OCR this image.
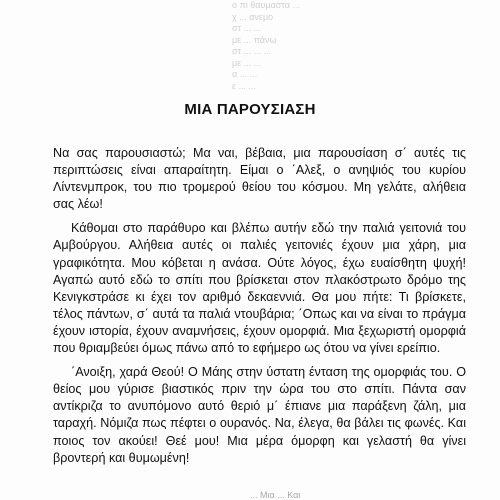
ο πι θαυμαστα ...
χ ... ανεμο
στ ... ...
με ... πάνω
στ ... ... ...
με ... ...
α ... ...
ε ... ...
ΜΙΑ ΠΑΡΟΥΣΙΑΣΗ

Να σας παρουσιαστώ; Μα ναι, βέβαια, μια παρουσίαση σ΄ αυτές τις περιπτώσεις είναι απαραίτητη. Είμαι ο ΄Αλεξ, ο ανηψιός του κυρίου Λίντενμπροκ, του πιο τρομερού θείου του κόσμου. Μη γελάτε, αλήθεια σας λέω!

Κάθομαι στο παράθυρο και βλέπω αυτήν εδώ την παλιά γειτονιά του Αμβούργου. Αλήθεια αυτές οι παλιές γειτονιές έχουν μια χάρη, μια γραφικότητα. Μου κόβεται η ανάσα. Ούτε λόγος, έχω ευαίσθητη ψυχή! Αγαπώ αυτό εδώ το σπίτι που βρίσκεται στον πλακόστρωτο δρόμο της Κενιγκστράσε κι έχει τον αριθμό δεκαεννιά. Θα μου πήτε: Τι βρίσκετε, τέλος πάντων, σ΄ αυτά τα παλιά ντουβάρια; ΄Οπως και να είναι το πράγμα έχουν ιστορία, έχουν αναμνήσεις, έχουν ομορφιά. Μια ξεχωριστή ομορφιά που θριαμβεύει όμως πάνω από το εφήμερο ως ότου να γίνει ερείπιο.

΄Ανοιξη, χαρά Θεού! Ο Μάης στην ύστατη ένταση της ομορφιάς του. Ο θείος μου γύρισε βιαστικός πριν την ώρα του στο σπίτι. Πάντα σαν αντίκριζα το ανυπόμονο αυτό θεριό μ΄ έπιανε μια παράξενη ζάλη, μια ταραχή. Νόμιζα πως πέφτει ο ουρανός. Να, έλεγα, θα βάλει τις φωνές. Και ποιος τον ακούει! Θεέ μου! Μια μέρα όμορφη και γελαστή θα γίνει βροντερή και θυμωμένη!

... Μια ... Και
